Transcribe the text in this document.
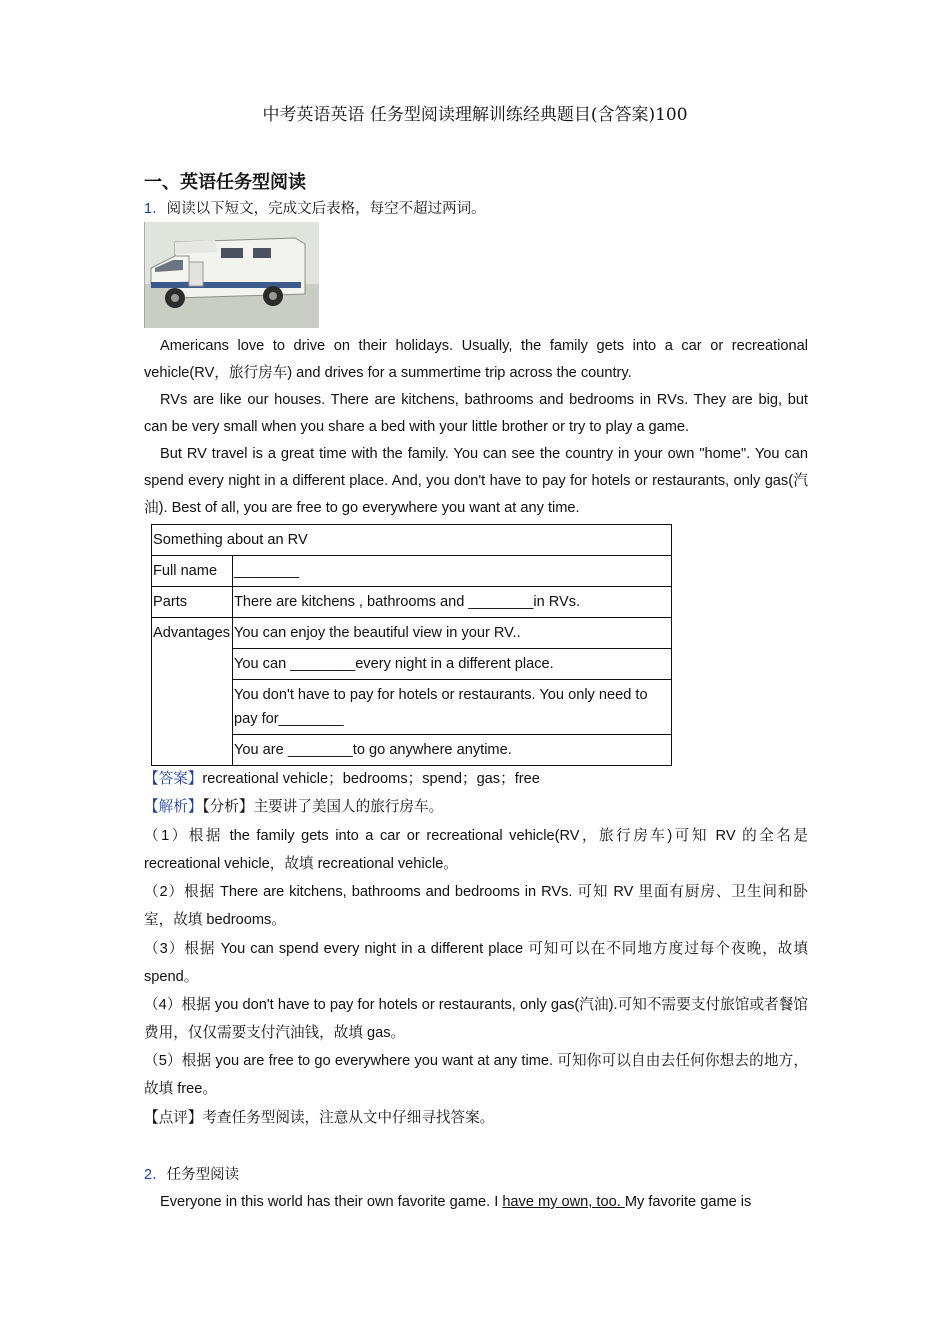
中考英语英语 任务型阅读理解训练经典题目(含答案)100
一、英语任务型阅读
1．阅读以下短文，完成文后表格，每空不超过两词。
Americans love to drive on their holidays. Usually, the family gets into a car or recreational vehicle(RV，旅行房车) and drives for a summertime trip across the country.
RVs are like our houses. There are kitchens, bathrooms and bedrooms in RVs. They are big, but can be very small when you share a bed with your little brother or try to play a game.
But RV travel is a great time with the family. You can see the country in your own "home". You can spend every night in a different place. And, you don't have to pay for hotels or restaurants, only gas(汽油). Best of all, you are free to go everywhere you want at any time.
Something about an RV	
Full name	________
Parts	There are kitchens , bathrooms and ________in RVs.
Advantages	You can enjoy the beautiful view in your RV..
	You can ________every night in a different place.
	You don't have to pay for hotels or restaurants. You only need to pay for________
	You are ________to go anywhere anytime.
【答案】recreational vehicle；bedrooms；spend；gas；free
【解析】【分析】主要讲了美国人的旅行房车。
（1）根据 the family gets into a car or recreational vehicle(RV，旅行房车)可知 RV 的全名是 recreational vehicle，故填 recreational vehicle。
（2）根据 There are kitchens, bathrooms and bedrooms in RVs. 可知 RV 里面有厨房、卫生间和卧室，故填 bedrooms。
（3）根据 You can spend every night in a different place 可知可以在不同地方度过每个夜晚，故填 spend。
（4）根据 you don't have to pay for hotels or restaurants, only gas(汽油).可知不需要支付旅馆或者餐馆费用，仅仅需要支付汽油钱，故填 gas。
（5）根据 you are free to go everywhere you want at any time. 可知你可以自由去任何你想去的地方，故填 free。
【点评】考查任务型阅读，注意从文中仔细寻找答案。
2．任务型阅读
Everyone in this world has their own favorite game. I have my own, too. My favorite game is
